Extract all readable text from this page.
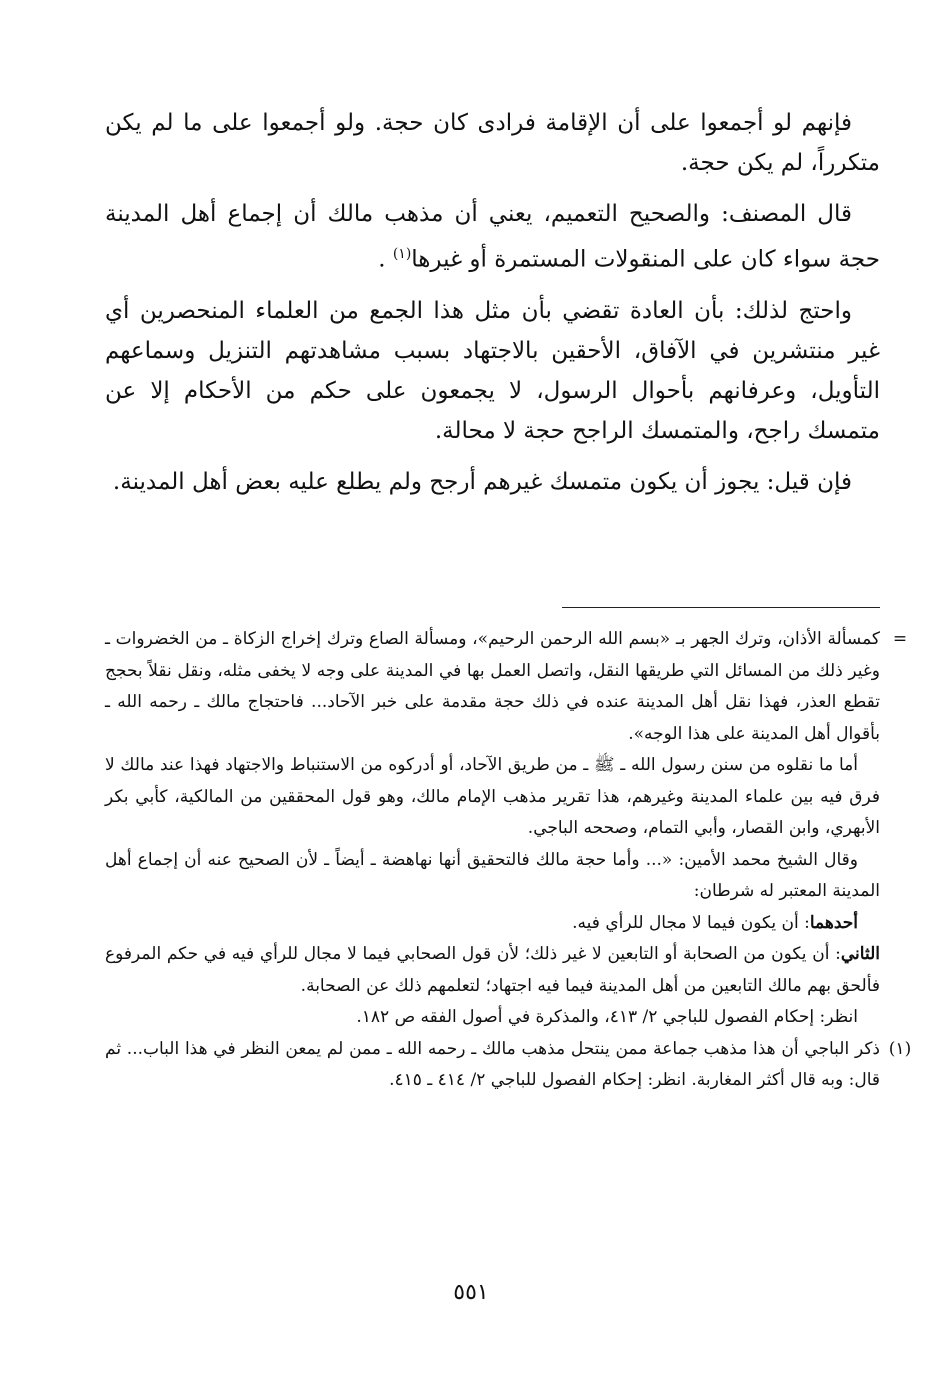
فإنهم لو أجمعوا على أن الإقامة فرادى كان حجة. ولو أجمعوا على ما لم يكن متكرراً، لم يكن حجة.

قال المصنف: والصحيح التعميم، يعني أن مذهب مالك أن إجماع أهل المدينة حجة سواء كان على المنقولات المستمرة أو غيرها$^{(١)}$ .

واحتج لذلك: بأن العادة تقضي بأن مثل هذا الجمع من العلماء المنحصرين أي غير منتشرين في الآفاق، الأحقين بالاجتهاد بسبب مشاهدتهم التنزيل وسماعهم التأويل، وعرفانهم بأحوال الرسول، لا يجمعون على حكم من الأحكام إلا عن متمسك راجح، والمتمسك الراجح حجة لا محالة.

فإن قيل: يجوز أن يكون متمسك غيرهم أرجح ولم يطلع عليه بعض أهل المدينة.

=
كمسألة الأذان، وترك الجهر بـ «بسم الله الرحمن الرحيم»، ومسألة الصاع وترك إخراج الزكاة ـ من الخضروات ـ وغير ذلك من المسائل التي طريقها النقل، واتصل العمل بها في المدينة على وجه لا يخفى مثله، ونقل نقلاً بحجج تقطع العذر، فهذا نقل أهل المدينة عنده في ذلك حجة مقدمة على خبر الآحاد... فاحتجاج مالك ـ رحمه الله ـ بأقوال أهل المدينة على هذا الوجه».

أما ما نقلوه من سنن رسول الله ـ ﷺ ـ من طريق الآحاد، أو أدركوه من الاستنباط والاجتهاد فهذا عند مالك لا فرق فيه بين علماء المدينة وغيرهم، هذا تقرير مذهب الإمام مالك، وهو قول المحققين من المالكية، كأبي بكر الأبهري، وابن القصار، وأبي التمام، وصححه الباجي.

وقال الشيخ محمد الأمين: «... وأما حجة مالك فالتحقيق أنها نهاهضة ـ أيضاً ـ لأن الصحيح عنه أن إجماع أهل المدينة المعتبر له شرطان:

أحدهما: أن يكون فيما لا مجال للرأي فيه.

الثاني: أن يكون من الصحابة أو التابعين لا غير ذلك؛ لأن قول الصحابي فيما لا مجال للرأي فيه في حكم المرفوع فألحق بهم مالك التابعين من أهل المدينة فيما فيه اجتهاد؛ لتعلمهم ذلك عن الصحابة.

انظر: إحكام الفصول للباجي ٢/ ٤١٣، والمذكرة في أصول الفقه ص ١٨٢.

(١)
ذكر الباجي أن هذا مذهب جماعة ممن ينتحل مذهب مالك ـ رحمه الله ـ ممن لم يمعن النظر في هذا الباب... ثم قال: وبه قال أكثر المغاربة. انظر: إحكام الفصول للباجي ٢/ ٤١٤ ـ ٤١٥.

٥٥١
